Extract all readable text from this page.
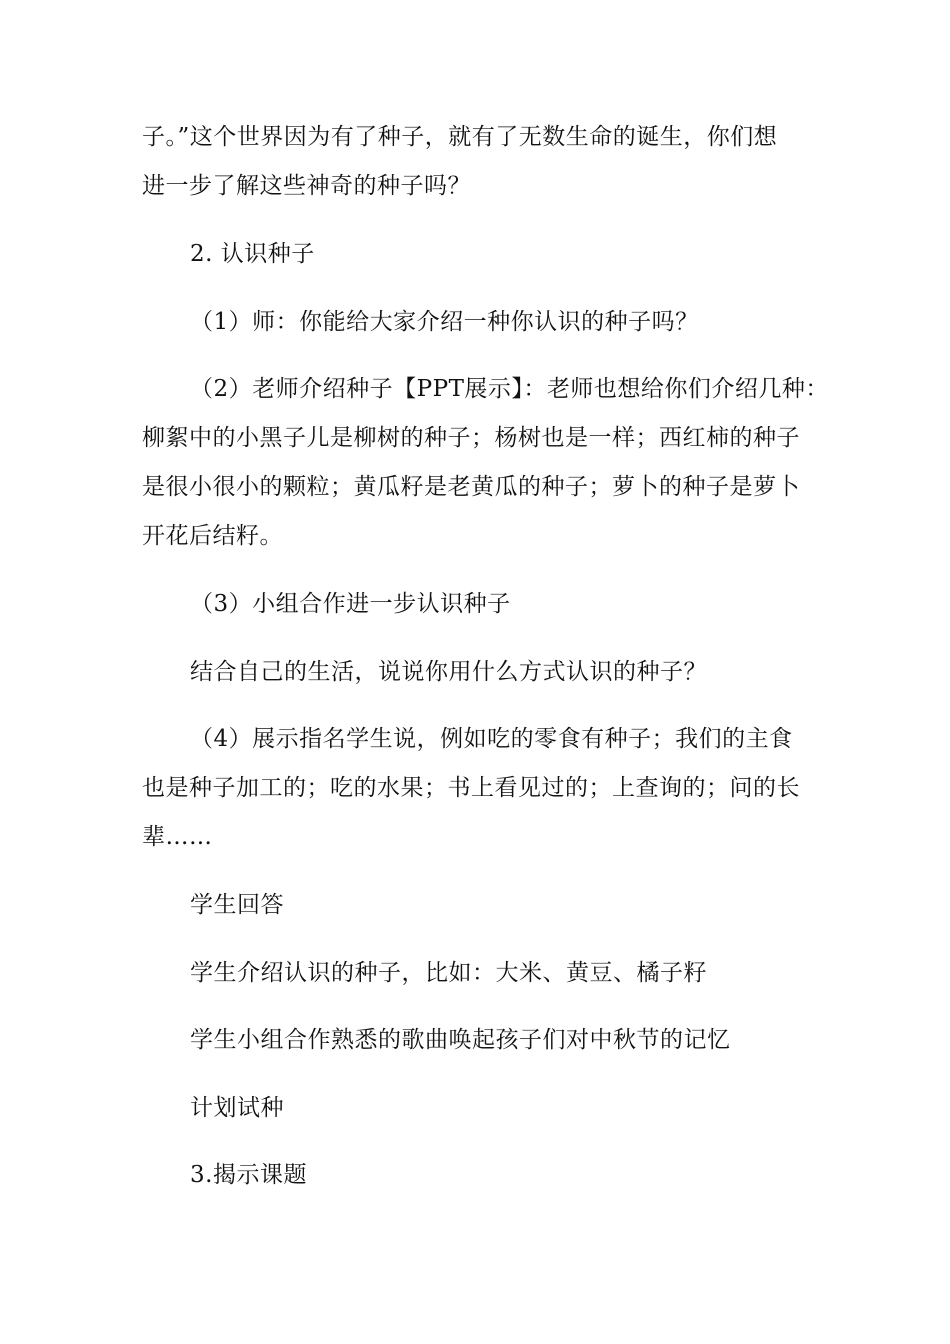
子。”这个世界因为有了种子，就有了无数生命的诞生，你们想
进一步了解这些神奇的种子吗？
2. 认识种子
（1）师：你能给大家介绍一种你认识的种子吗？
（2）老师介绍种子【PPT展示】：老师也想给你们介绍几种：
柳絮中的小黑子儿是柳树的种子；杨树也是一样；西红柿的种子
是很小很小的颗粒；黄瓜籽是老黄瓜的种子；萝卜的种子是萝卜
开花后结籽。
（3）小组合作进一步认识种子
结合自己的生活，说说你用什么方式认识的种子？
（4）展示指名学生说，例如吃的零食有种子；我们的主食
也是种子加工的；吃的水果；书上看见过的；上查询的；问的长
辈……
学生回答
学生介绍认识的种子，比如：大米、黄豆、橘子籽
学生小组合作熟悉的歌曲唤起孩子们对中秋节的记忆
计划试种
3.揭示课题
